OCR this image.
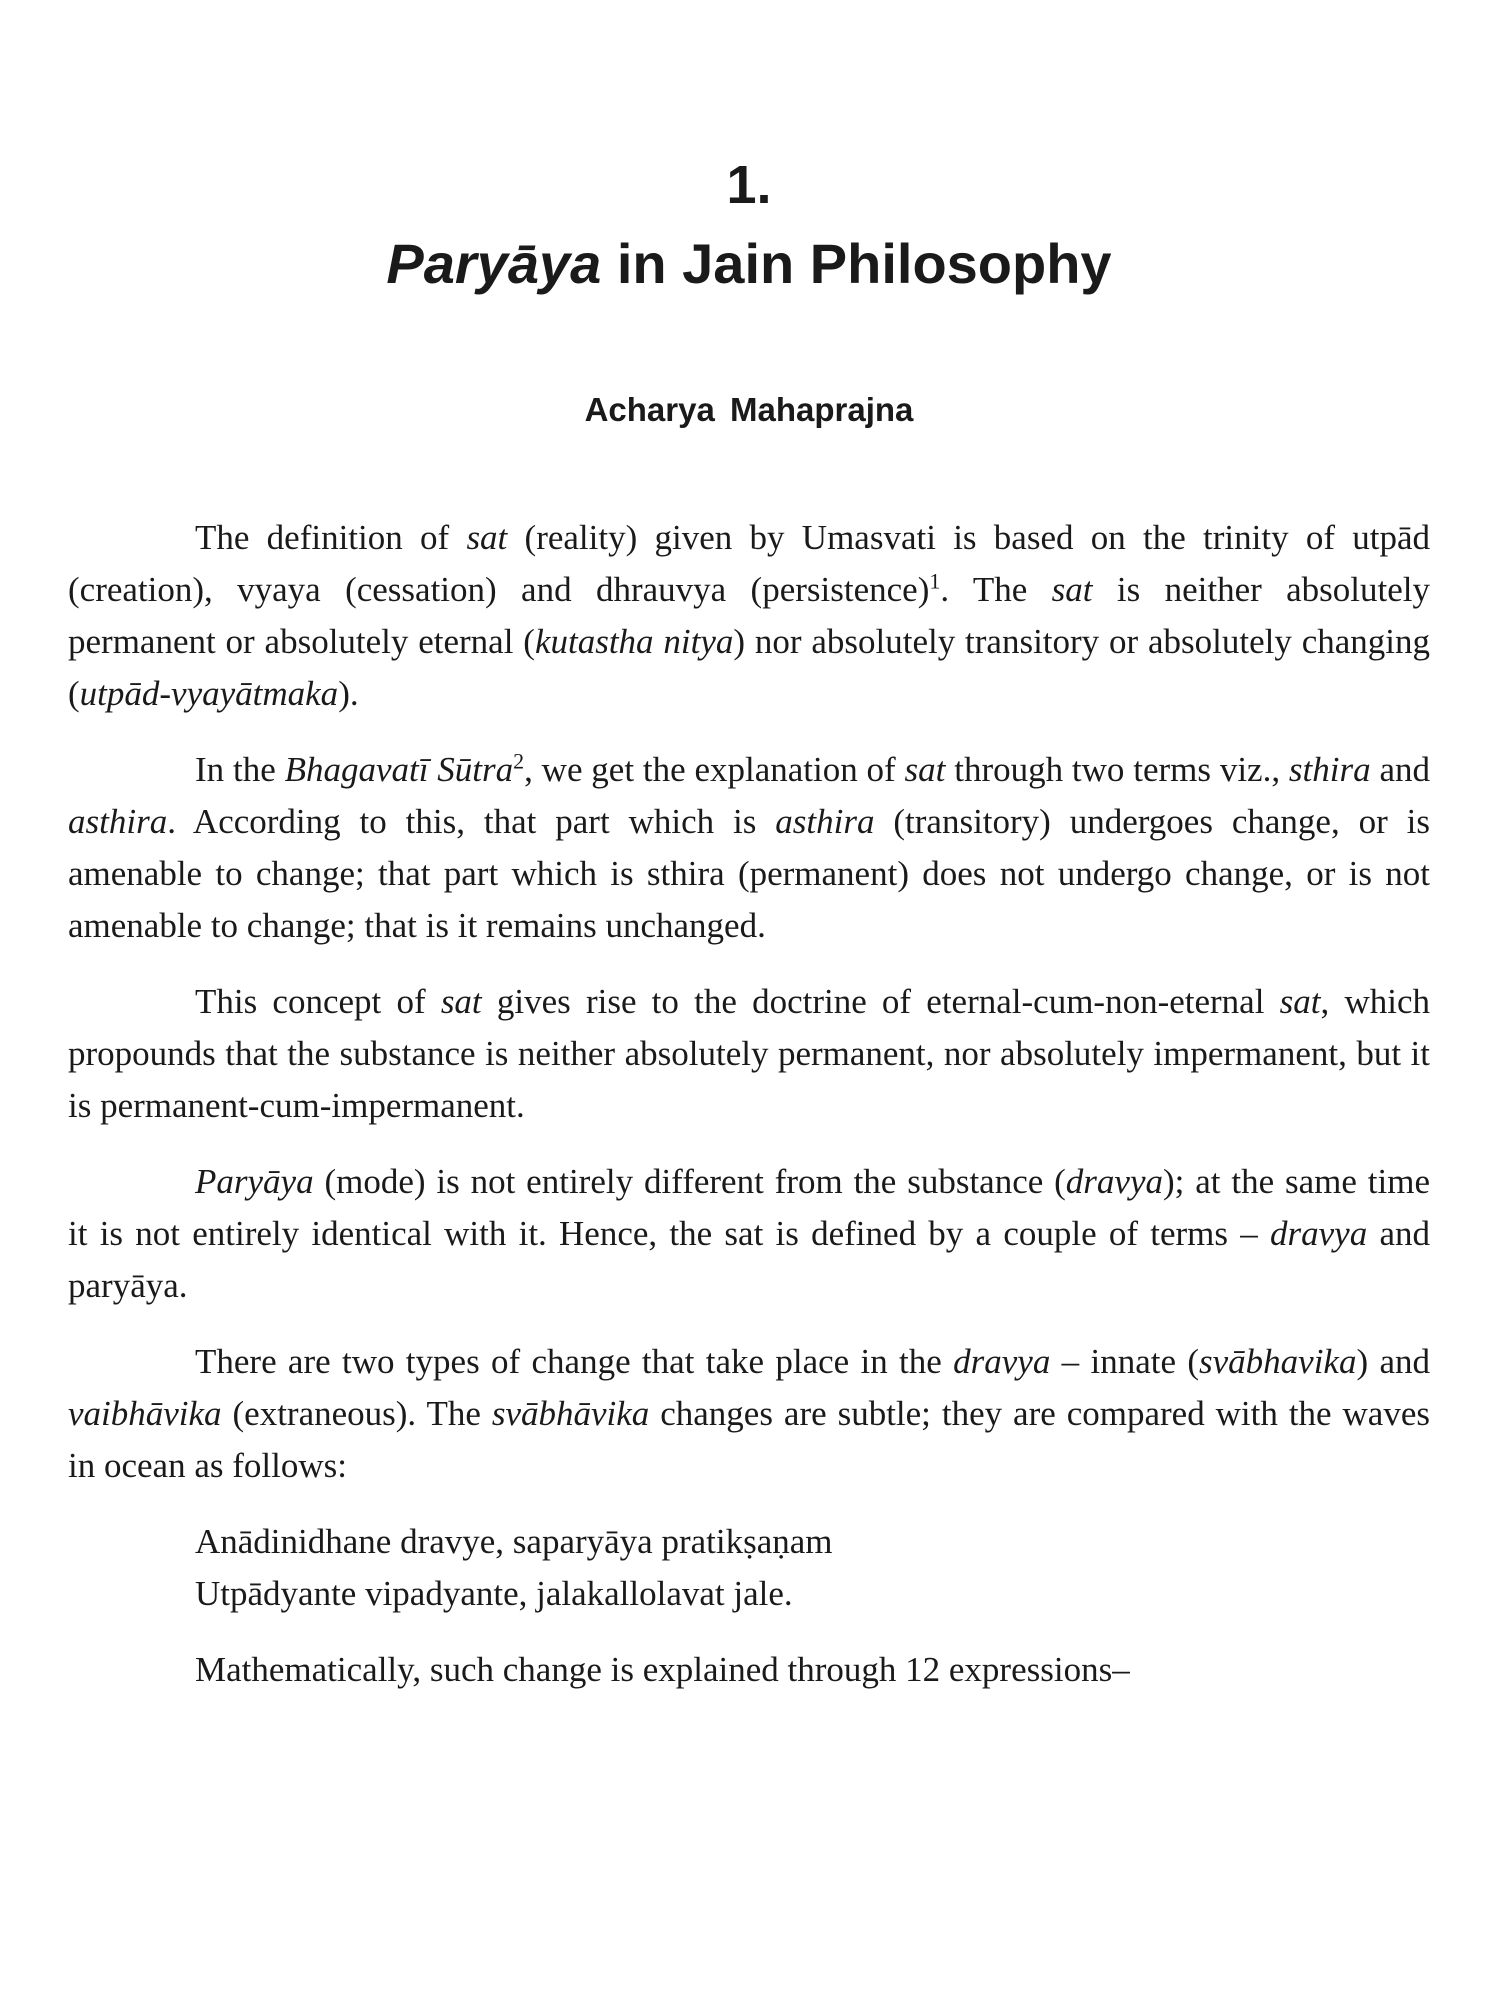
1.
Paryāya in Jain Philosophy
Acharya Mahaprajna

The definition of sat (reality) given by Umasvati is based on the trinity of utpād (creation), vyaya (cessation) and dhrauvya (persistence)$^1$. The sat is neither absolutely permanent or absolutely eternal (kutastha nitya) nor absolutely transitory or absolutely changing (utpād-vyayātmaka).

In the Bhagavatī Sūtra$^2$, we get the explanation of sat through two terms viz., sthira and asthira. According to this, that part which is asthira (transitory) undergoes change, or is amenable to change; that part which is sthira (permanent) does not undergo change, or is not amenable to change; that is it remains unchanged.

This concept of sat gives rise to the doctrine of eternal-cum-non-eternal sat, which propounds that the substance is neither absolutely permanent, nor absolutely impermanent, but it is permanent-cum-impermanent.

Paryāya (mode) is not entirely different from the substance (dravya); at the same time it is not entirely identical with it. Hence, the sat is defined by a couple of terms – dravya and paryāya.

There are two types of change that take place in the dravya – innate (svābhavika) and vaibhāvika (extraneous). The svābhāvika changes are subtle; they are compared with the waves in ocean as follows:

Anādinidhane dravye, saparyāya pratikṣaṇam
Utpādyante vipadyante, jalakallolavat jale.
Mathematically, such change is explained through 12 expressions–
